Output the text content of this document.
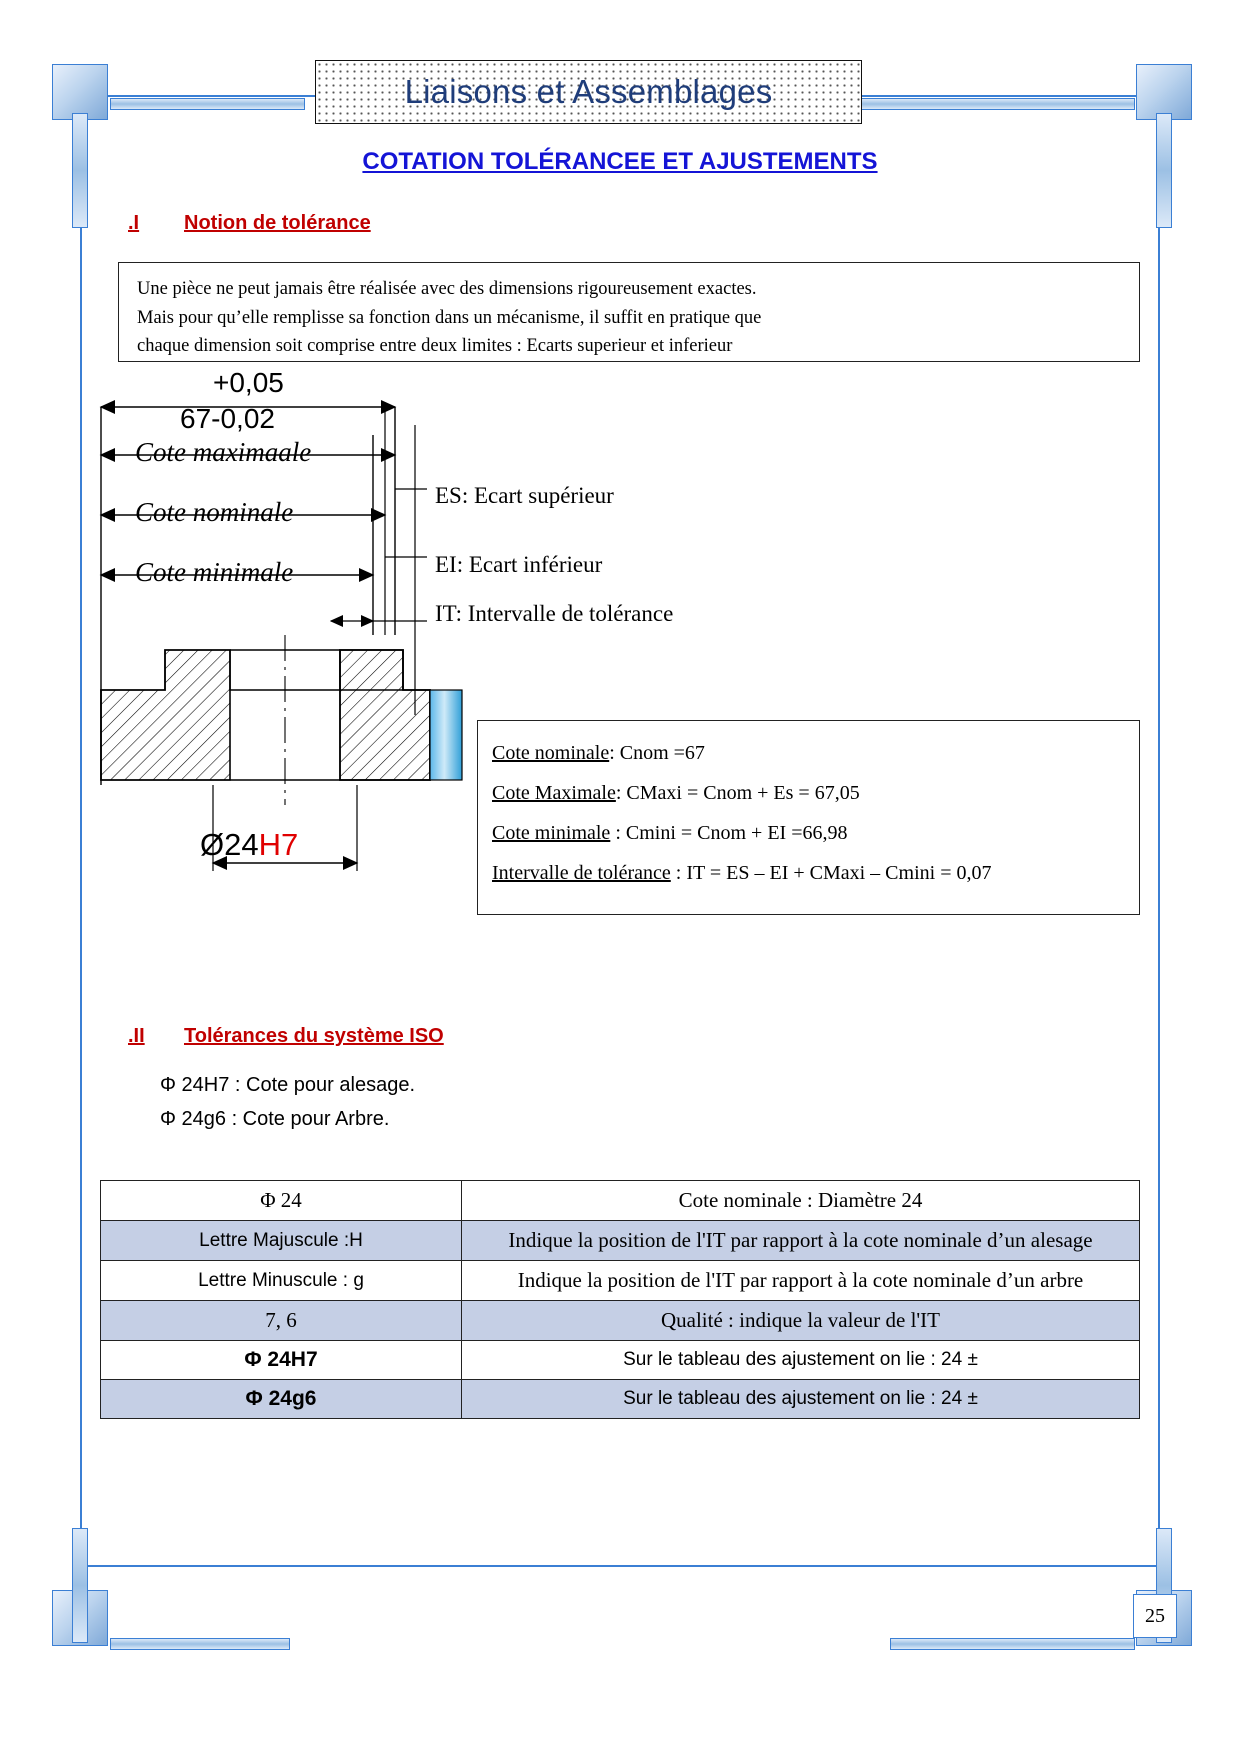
Liaisons et Assemblages
COTATION TOLÉRANCEE ET AJUSTEMENTS
.I Notion de tolérance
Une pièce ne peut jamais être réalisée avec des dimensions rigoureusement exactes.
Mais pour qu’elle remplisse sa fonction dans un mécanisme, il suffit en pratique que
chaque dimension soit comprise entre deux limites : Ecarts superieur et inferieur
+0,05
67-0,02
Cote maximaale
Cote nominale
Cote minimale
ES: Ecart supérieur
EI: Ecart inférieur
IT: Intervalle de tolérance
Ø24H7
Cote nominale: Cnom =67
Cote Maximale: CMaxi = Cnom + Es = 67,05
Cote minimale : Cmini = Cnom + EI =66,98
Intervalle de tolérance : IT = ES – EI + CMaxi – Cmini = 0,07
.II Tolérances du système ISO
Φ 24H7 : Cote pour alesage.
Φ 24g6 : Cote pour Arbre.
Φ 24	Cote nominale : Diamètre 24
Lettre Majuscule :H	Indique la position de l'IT par rapport à la cote nominale d’un alesage
Lettre Minuscule : g	Indique la position de l'IT par rapport à la cote nominale d’un arbre
7, 6	Qualité : indique la valeur de l'IT
Φ 24H7	Sur le tableau des ajustement on lie : 24 ±
Φ 24g6	Sur le tableau des ajustement on lie : 24 ±
25
